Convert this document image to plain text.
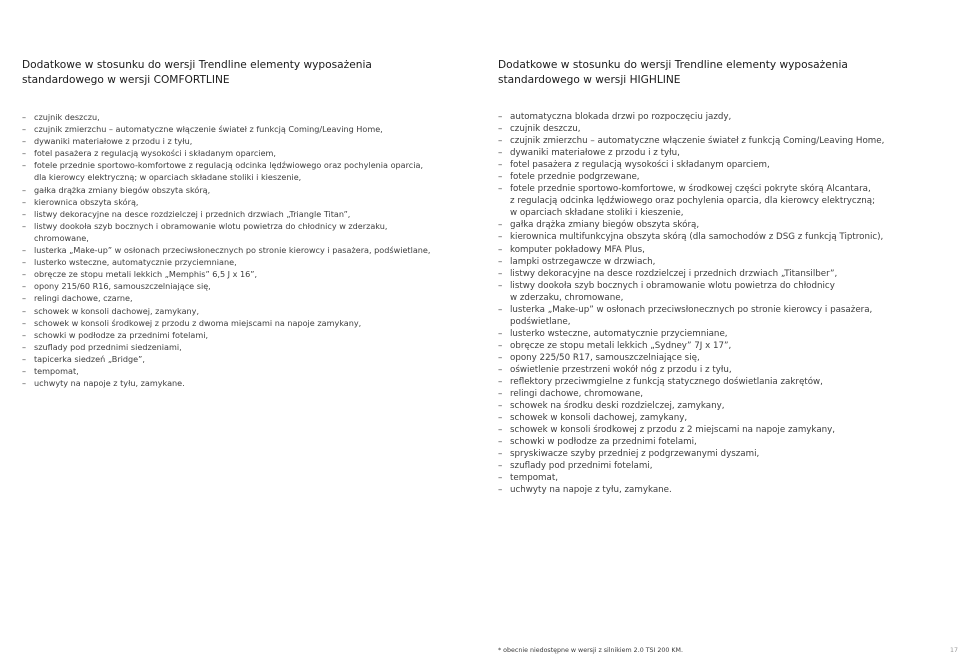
Dodatkowe w stosunku do wersji Trendline elementy wyposażenia
standardowego w wersji COMFORTLINE
– czujnik deszczu,
– czujnik zmierzchu – automatyczne włączenie świateł z funkcją Coming/Leaving Home,
– dywaniki materiałowe z przodu i z tyłu,
– fotel pasażera z regulacją wysokości i składanym oparciem,
– fotele przednie sportowo-komfortowe z regulacją odcinka lędźwiowego oraz pochylenia oparcia,
dla kierowcy elektryczną; w oparciach składane stoliki i kieszenie,
– gałka drążka zmiany biegów obszyta skórą,
– kierownica obszyta skórą,
– listwy dekoracyjne na desce rozdzielczej i przednich drzwiach „Triangle Titan”,
– listwy dookoła szyb bocznych i obramowanie wlotu powietrza do chłodnicy w zderzaku,
chromowane,
– lusterka „Make-up” w osłonach przeciwsłonecznych po stronie kierowcy i pasażera, podświetlane,
– lusterko wsteczne, automatycznie przyciemniane,
– obręcze ze stopu metali lekkich „Memphis” 6,5 J x 16”,
– opony 215/60 R16, samouszczelniające się,
– relingi dachowe, czarne,
– schowek w konsoli dachowej, zamykany,
– schowek w konsoli środkowej z przodu z dwoma miejscami na napoje zamykany,
– schowki w podłodze za przednimi fotelami,
– szuflady pod przednimi siedzeniami,
– tapicerka siedzeń „Bridge”,
– tempomat,
– uchwyty na napoje z tyłu, zamykane.
Dodatkowe w stosunku do wersji Trendline elementy wyposażenia
standardowego w wersji HIGHLINE
– automatyczna blokada drzwi po rozpoczęciu jazdy,
– czujnik deszczu,
– czujnik zmierzchu – automatyczne włączenie świateł z funkcją Coming/Leaving Home,
– dywaniki materiałowe z przodu i z tyłu,
– fotel pasażera z regulacją wysokości i składanym oparciem,
– fotele przednie podgrzewane,
– fotele przednie sportowo-komfortowe, w środkowej części pokryte skórą Alcantara,
z regulacją odcinka lędźwiowego oraz pochylenia oparcia, dla kierowcy elektryczną;
w oparciach składane stoliki i kieszenie,
– gałka drążka zmiany biegów obszyta skórą,
– kierownica multifunkcyjna obszyta skórą (dla samochodów z DSG z funkcją Tiptronic),
– komputer pokładowy MFA Plus,
– lampki ostrzegawcze w drzwiach,
– listwy dekoracyjne na desce rozdzielczej i przednich drzwiach „Titansilber”,
– listwy dookoła szyb bocznych i obramowanie wlotu powietrza do chłodnicy
w zderzaku, chromowane,
– lusterka „Make-up” w osłonach przeciwsłonecznych po stronie kierowcy i pasażera,
podświetlane,
– lusterko wsteczne, automatycznie przyciemniane,
– obręcze ze stopu metali lekkich „Sydney” 7J x 17”,
– opony 225/50 R17, samouszczelniające się,
– oświetlenie przestrzeni wokół nóg z przodu i z tyłu,
– reflektory przeciwmgielne z funkcją statycznego doświetlania zakrętów,
– relingi dachowe, chromowane,
– schowek na środku deski rozdzielczej, zamykany,
– schowek w konsoli dachowej, zamykany,
– schowek w konsoli środkowej z przodu z 2 miejscami na napoje zamykany,
– schowki w podłodze za przednimi fotelami,
– spryskiwacze szyby przedniej z podgrzewanymi dyszami,
– szuflady pod przednimi fotelami,
– tempomat,
– uchwyty na napoje z tyłu, zamykane.
* obecnie niedostępne w wersji z silnikiem 2.0 TSI 200 KM.	17
